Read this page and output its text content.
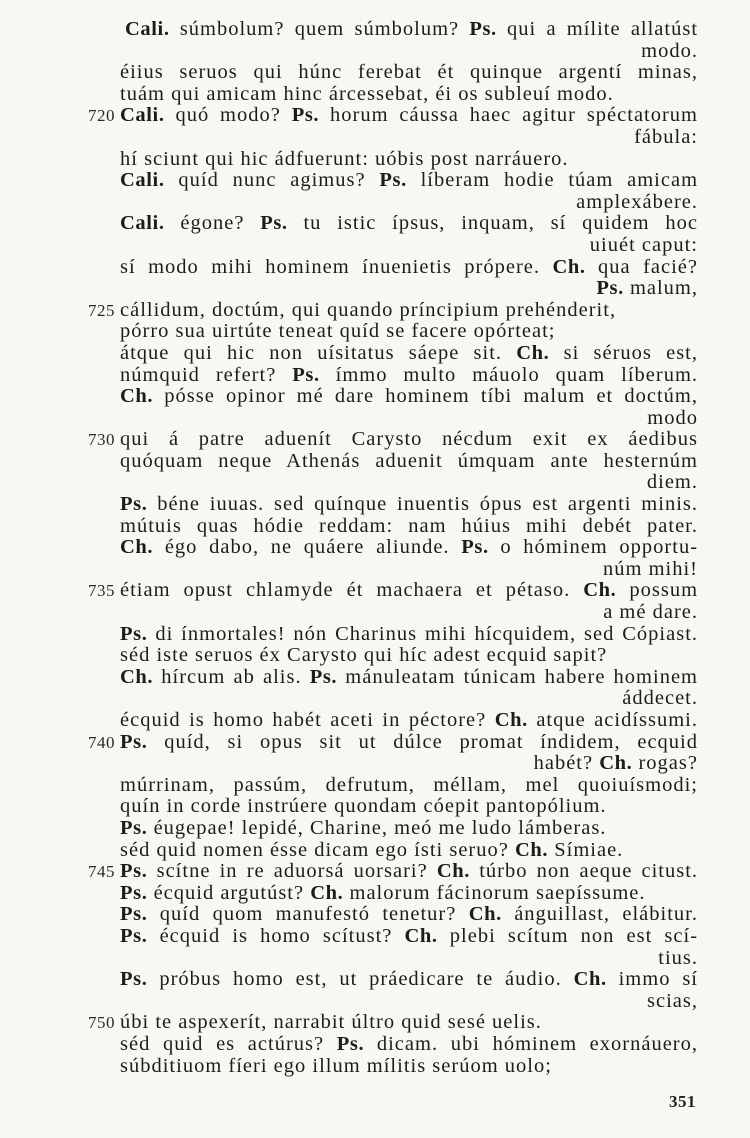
Cali. súmbolum? quem súmbolum? Ps. qui a mílite allatúst
modo.
éiius seruos qui húnc ferebat ét quinque argentí minas,
tuám qui amicam hinc árcessebat, éi os subleuí modo.
720 Cali. quó modo? Ps. horum cáussa haec agitur spéctatorum
fábula:
hí sciunt qui hic ádfuerunt: uóbis post narráuero.
Cali. quíd nunc agimus? Ps. líberam hodie túam amicam
amplexábere.
Cali. égone? Ps. tu istic ípsus, inquam, sí quidem hoc
uiuét caput:
sí modo mihi hominem ínuenietis própere. Ch. qua facié?
Ps. malum,
725 cállidum, doctúm, qui quando príncipium prehénderit,
pórro sua uirtúte teneat quíd se facere opórteat;
átque qui hic non uísitatus sáepe sit. Ch. si séruos est,
númquid refert? Ps. ímmo multo máuolo quam líberum.
Ch. pósse opinor mé dare hominem tíbi malum et doctúm,
modo
730 qui á patre aduenít Carysto nécdum exit ex áedibus
quóquam neque Athenás aduenit úmquam ante hesternúm
diem.
Ps. béne iuuas. sed quínque inuentis ópus est argenti minis.
mútuis quas hódie reddam: nam húius mihi debét pater.
Ch. égo dabo, ne quáere aliunde. Ps. o hóminem opportu-
núm mihi!
735 étiam opust chlamyde ét machaera et pétaso. Ch. possum
a mé dare.
Ps. di ínmortales! nón Charinus mihi hícquidem, sed Cópiast.
séd iste seruos éx Carysto qui híc adest ecquid sapit?
Ch. hírcum ab alis. Ps. mánuleatam túnicam habere hominem
áddecet.
écquid is homo habét aceti in péctore? Ch. atque acidíssumi.
740 Ps. quíd, si opus sit ut dúlce promat índidem, ecquid
habét? Ch. rogas?
múrrinam, passúm, defrutum, méllam, mel quoiuísmodi;
quín in corde instrúere quondam cóepit pantopólium.
Ps. éugepae! lepidé, Charine, meó me ludo lámberas.
séd quid nomen ésse dicam ego ísti seruo? Ch. Símiae.
745 Ps. scítne in re aduorsá uorsari? Ch. túrbo non aeque citust.
Ps. écquid argutúst? Ch. malorum fácinorum saepíssume.
Ps. quíd quom manufestó tenetur? Ch. ánguillast, elábitur.
Ps. écquid is homo scítust? Ch. plebi scítum non est scí-
tius.
Ps. próbus homo est, ut práedicare te áudio. Ch. immo sí
scias,
750 úbi te aspexerít, narrabit últro quid sesé uelis.
séd quid es actúrus? Ps. dicam. ubi hóminem exornáuero,
súbditiuom fíeri ego illum mílitis serúom uolo;
351
